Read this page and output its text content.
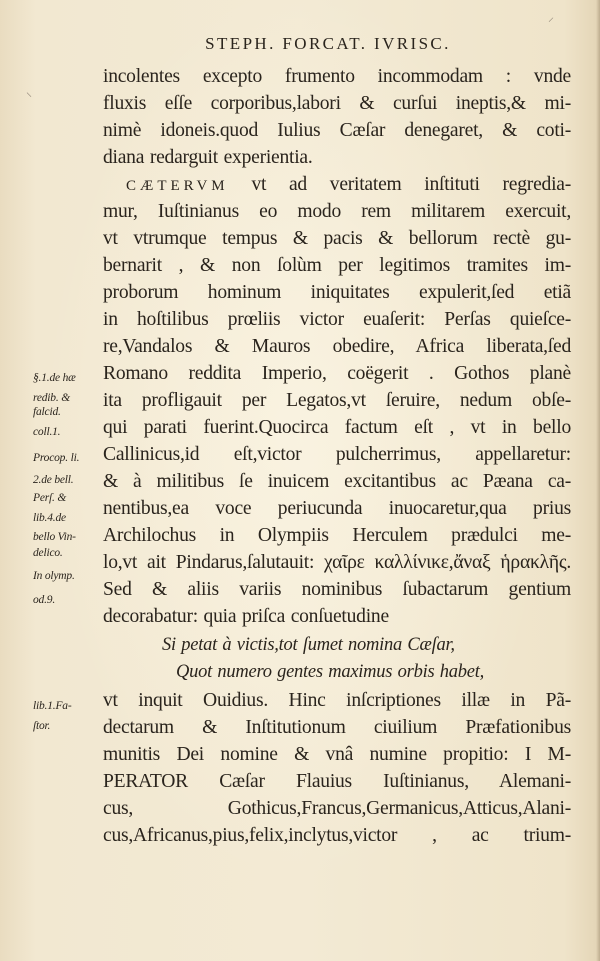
STEPH. FORCAT. IVRISC.
incolentes excepto frumento incommodam : vnde
fluxis eſſe corporibus,labori & curſui ineptis,& mi-
nimè idoneis.quod Iulius Cæſar denegaret, & coti-
diana redarguit experientia.
CÆTERVM vt ad veritatem inſtituti regredia-
mur, Iuſtinianus eo modo rem militarem exercuit,
vt vtrumque tempus & pacis & bellorum rectè gu-
bernarit , & non ſolùm per legitimos tramites im-
proborum hominum iniquitates expulerit,ſed etiã
in hoſtilibus prœliis victor euaſerit: Perſas quieſce-
re,Vandalos & Mauros obedire, Africa liberata,ſed
Romano reddita Imperio, coëgerit . Gothos planè
ita profligauit per Legatos,vt ſeruire, nedum obſe-
qui parati fuerint.Quocirca factum eſt , vt in bello
Callinicus,id eſt,victor pulcherrimus, appellaretur:
& à militibus ſe inuicem excitantibus ac Pæana ca-
nentibus,ea voce periucunda inuocaretur,qua prius
Archilochus in Olympiis Herculem prædulci me-
lo,vt ait Pindarus,ſalutauit: χαῖρε καλλίνικε,ἄναξ ἡρακλῆς.
Sed & aliis variis nominibus ſubactarum gentium
decorabatur: quia priſca conſuetudine
Si petat à victis,tot ſumet nomina Cæſar,
Quot numero gentes maximus orbis habet,
vt inquit Ouidius. Hinc inſcriptiones illæ in Pã-
dectarum & Inſtitutionum ciuilium Præfationibus
munitis Dei nomine & vnâ numine propitio: I M-
PERATOR Cæſar Flauius Iuſtinianus, Alemani-
cus, Gothicus,Francus,Germanicus,Atticus,Alani-
cus,Africanus,pius,felix,inclytus,victor , ac trium-
§.1.de hæ
redib. &
falcid.
coll.1.
Procop. li.
2.de bell.
Perſ. &
lib.4.de
bello Vin-
delico.
In olymp.
od.9.
lib.1.Fa-
ſtor.
⸌
⸝
